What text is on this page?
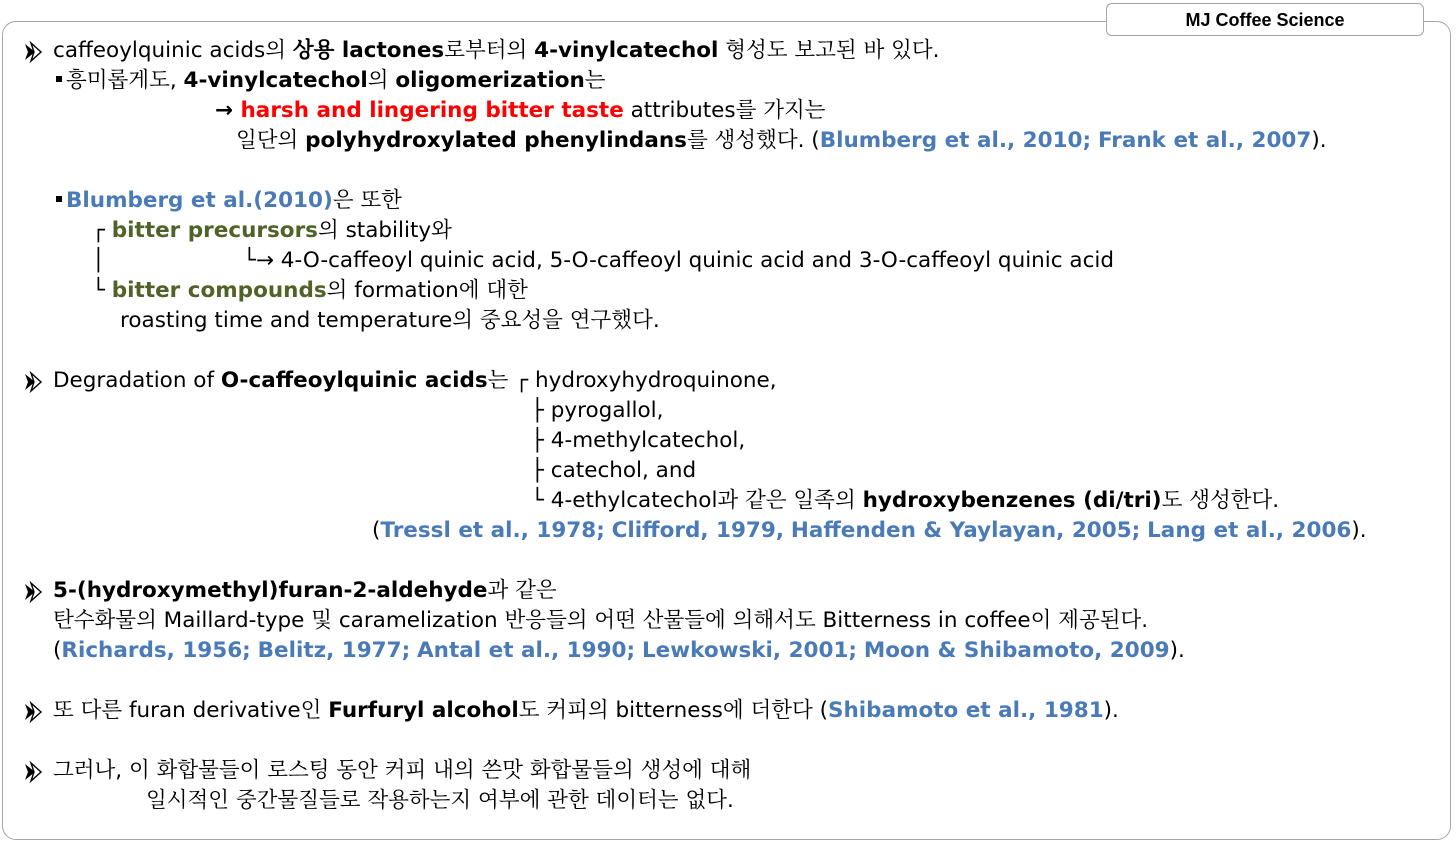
MJ Coffee Science
caffeoylquinic acids의 상용 lactones로부터의 4-vinylcatechol 형성도 보고된 바 있다.
흥미롭게도, 4-vinylcatechol의 oligomerization는
→ harsh and lingering bitter taste attributes를 가지는
일단의 polyhydroxylated phenylindans를 생성했다. (Blumberg et al., 2010; Frank et al., 2007).
Blumberg et al.(2010)은 또한
┌ bitter precursors의 stability와
│	└→ 4-O-caffeoyl quinic acid, 5-O-caffeoyl quinic acid and 3-O-caffeoyl quinic acid
└ bitter compounds의 formation에 대한
roasting time and temperature의 중요성을 연구했다.
Degradation of O-caffeoylquinic acids는 ┌ hydroxyhydroquinone,
├ pyrogallol,
├ 4-methylcatechol,
├ catechol, and
└ 4-ethylcatechol과 같은 일족의 hydroxybenzenes (di/tri)도 생성한다.
(Tressl et al., 1978; Clifford, 1979, Haffenden & Yaylayan, 2005; Lang et al., 2006).
5-(hydroxymethyl)furan-2-aldehyde과 같은
탄수화물의 Maillard-type 및 caramelization 반응들의 어떤 산물들에 의해서도 Bitterness in coffee이 제공된다.
(Richards, 1956; Belitz, 1977; Antal et al., 1990; Lewkowski, 2001; Moon & Shibamoto, 2009).
또 다른 furan derivative인 Furfuryl alcohol도 커피의 bitterness에 더한다 (Shibamoto et al., 1981).
그러나, 이 화합물들이 로스팅 동안 커피 내의 쓴맛 화합물들의 생성에 대해
일시적인 중간물질들로 작용하는지 여부에 관한 데이터는 없다.
